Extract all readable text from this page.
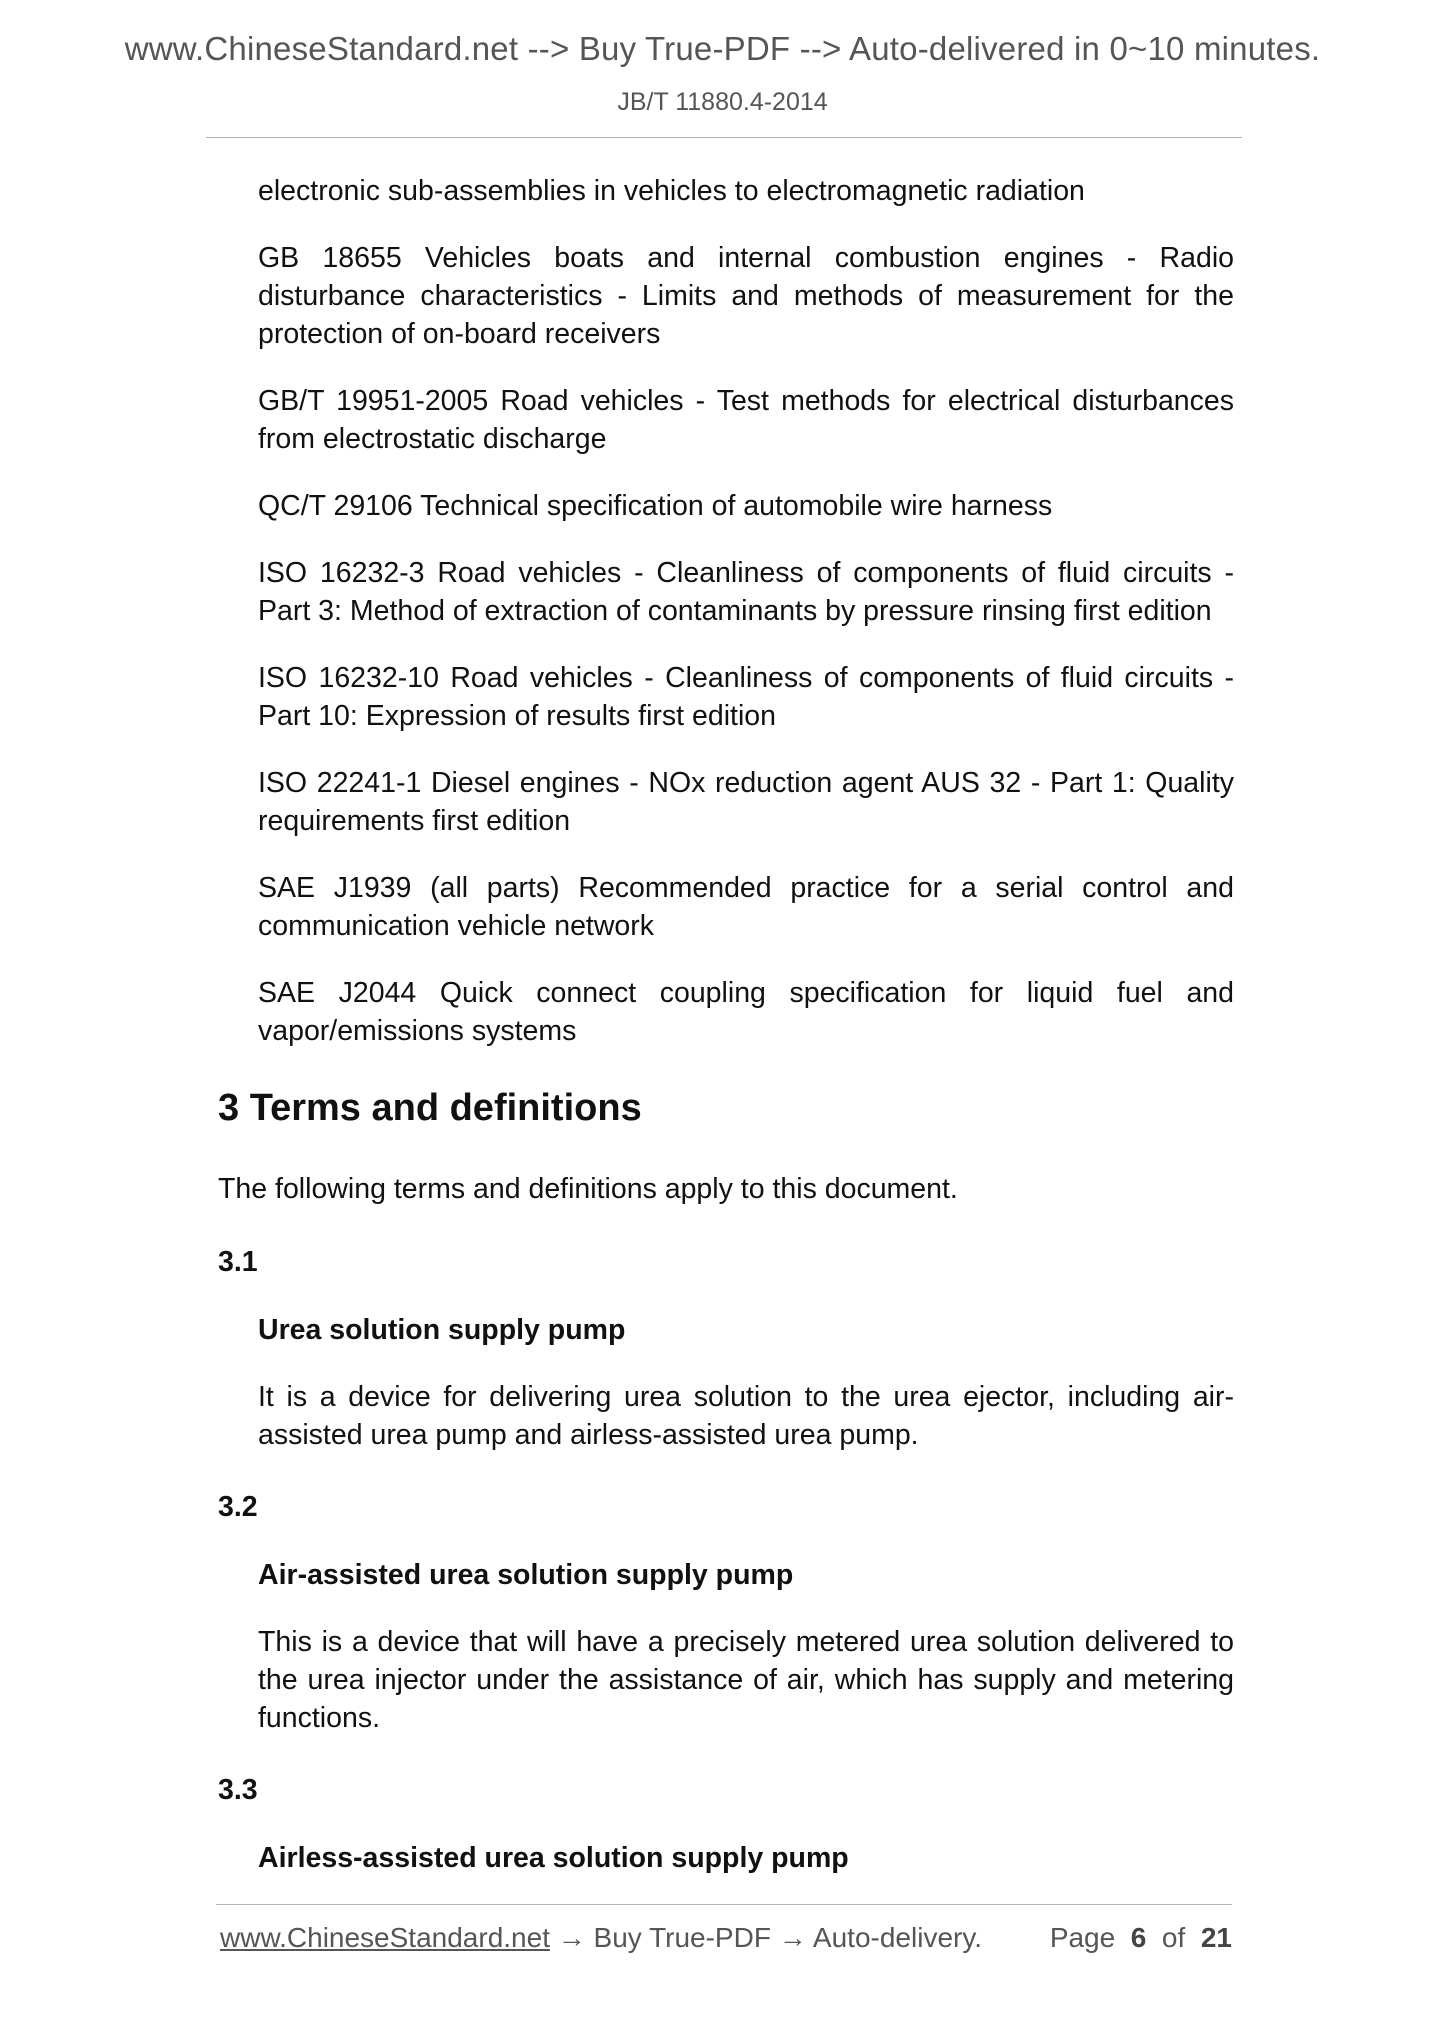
www.ChineseStandard.net --> Buy True-PDF --> Auto-delivered in 0~10 minutes.
JB/T 11880.4-2014

electronic sub-assemblies in vehicles to electromagnetic radiation

GB 18655 Vehicles boats and internal combustion engines - Radio disturbance characteristics - Limits and methods of measurement for the protection of on-board receivers

GB/T 19951-2005 Road vehicles - Test methods for electrical disturbances from electrostatic discharge

QC/T 29106 Technical specification of automobile wire harness

ISO 16232-3 Road vehicles - Cleanliness of components of fluid circuits - Part 3: Method of extraction of contaminants by pressure rinsing first edition

ISO 16232-10 Road vehicles - Cleanliness of components of fluid circuits - Part 10: Expression of results first edition

ISO 22241-1 Diesel engines - NOx reduction agent AUS 32 - Part 1: Quality requirements first edition

SAE J1939 (all parts) Recommended practice for a serial control and communication vehicle network

SAE J2044 Quick connect coupling specification for liquid fuel and vapor/emissions systems

3 Terms and definitions

The following terms and definitions apply to this document.

3.1

Urea solution supply pump

It is a device for delivering urea solution to the urea ejector, including air-assisted urea pump and airless-assisted urea pump.

3.2

Air-assisted urea solution supply pump

This is a device that will have a precisely metered urea solution delivered to the urea injector under the assistance of air, which has supply and metering functions.

3.3

Airless-assisted urea solution supply pump

www.ChineseStandard.net → Buy True-PDF → Auto-delivery. Page 6 of 21
